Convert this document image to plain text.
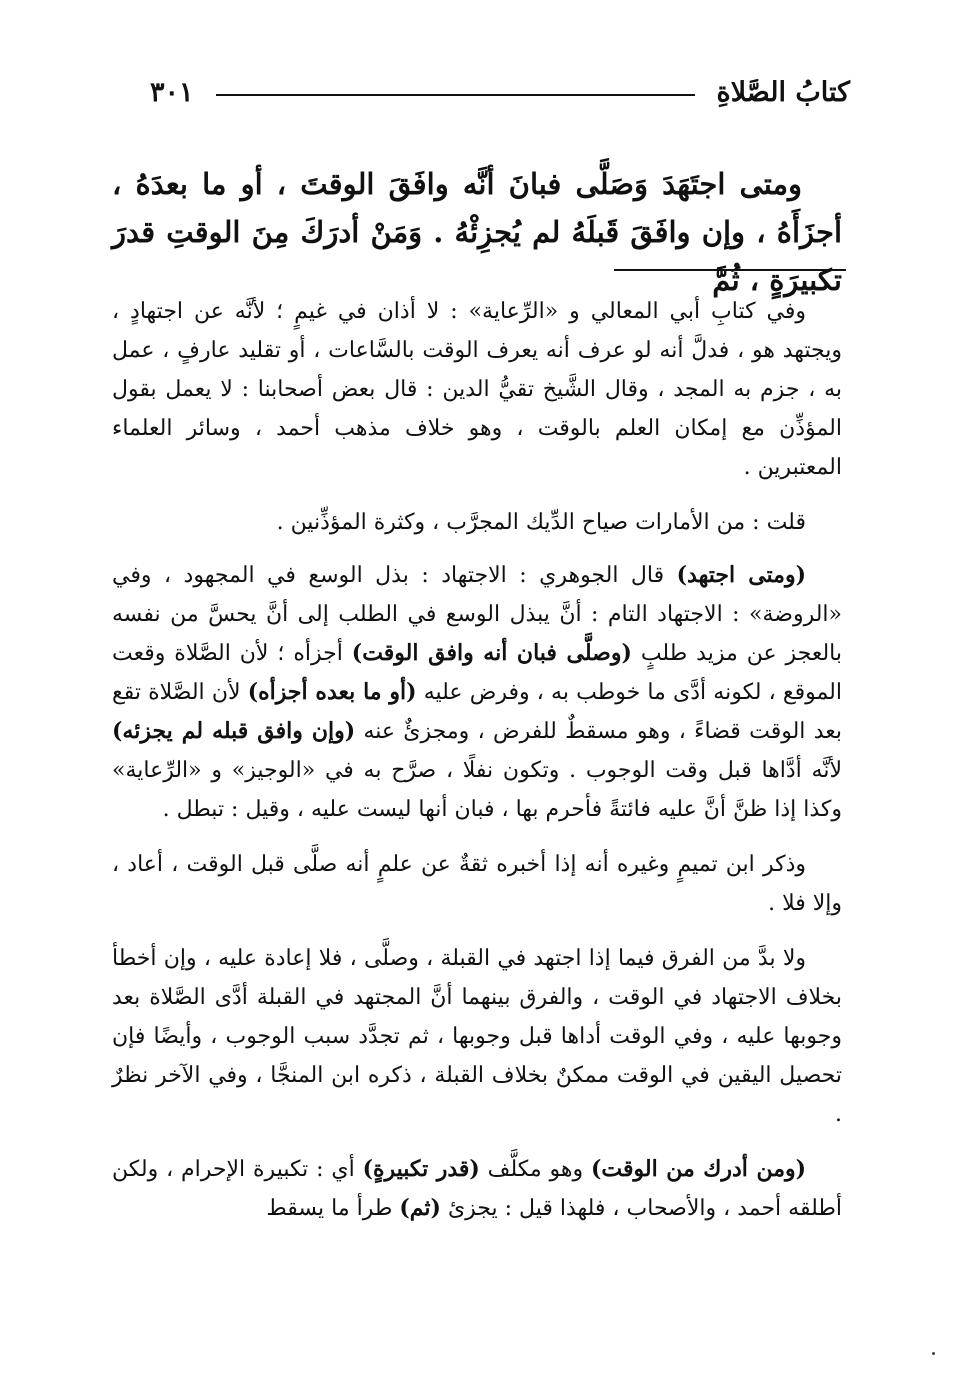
كتابُ الصَّلاةِ
٣٠١
ومتى اجتَهَدَ وَصَلَّى فبانَ أنَّه وافَقَ الوقتَ ، أو ما بعدَهُ ، أجزَأَهُ ، وإن وافَقَ قَبلَهُ لم يُجزِئْهُ . وَمَنْ أدرَكَ مِنَ الوقتِ قدرَ تكبيرَةٍ ، ثُمَّ

وفي كتابِ أبي المعالي و «الرِّعاية» : لا أذان في غيمٍ ؛ لأنَّه عن اجتهادٍ ، ويجتهد هو ، فدلَّ أنه لو عرف أنه يعرف الوقت بالسَّاعات ، أو تقليد عارفٍ ، عمل به ، جزم به المجد ، وقال الشَّيخ تقيُّ الدين : قال بعض أصحابنا : لا يعمل بقول المؤذِّن مع إمكان العلم بالوقت ، وهو خلاف مذهب أحمد ، وسائر العلماء المعتبرين .

قلت : من الأمارات صياح الدِّيك المجرَّب ، وكثرة المؤذِّنين .

(ومتى اجتهد) قال الجوهري : الاجتهاد : بذل الوسع في المجهود ، وفي «الروضة» : الاجتهاد التام : أنَّ يبذل الوسع في الطلب إلى أنَّ يحسَّ من نفسه بالعجز عن مزيد طلبٍ (وصلَّى فبان أنه وافق الوقت) أجزأه ؛ لأن الصَّلاة وقعت الموقع ، لكونه أدَّى ما خوطب به ، وفرض عليه (أو ما بعده أجزأه) لأن الصَّلاة تقع بعد الوقت قضاءً ، وهو مسقطٌ للفرض ، ومجزئٌ عنه (وإن وافق قبله لم يجزئه) لأنَّه أدَّاها قبل وقت الوجوب . وتكون نفلًا ، صرَّح به في «الوجيز» و «الرِّعاية» وكذا إذا ظنَّ أنَّ عليه فائتةً فأحرم بها ، فبان أنها ليست عليه ، وقيل : تبطل .

وذكر ابن تميمٍ وغيره أنه إذا أخبره ثقةٌ عن علمٍ أنه صلَّى قبل الوقت ، أعاد ، وإلا فلا .

ولا بدَّ من الفرق فيما إذا اجتهد في القبلة ، وصلَّى ، فلا إعادة عليه ، وإن أخطأ بخلاف الاجتهاد في الوقت ، والفرق بينهما أنَّ المجتهد في القبلة أدَّى الصَّلاة بعد وجوبها عليه ، وفي الوقت أداها قبل وجوبها ، ثم تجدَّد سبب الوجوب ، وأيضًا فإن تحصيل اليقين في الوقت ممكنٌ بخلاف القبلة ، ذكره ابن المنجَّا ، وفي الآخر نظرٌ .

(ومن أدرك من الوقت) وهو مكلَّف (قدر تكبيرةٍ) أي : تكبيرة الإحرام ، ولكن أطلقه أحمد ، والأصحاب ، فلهذا قيل : يجزئ (ثم) طرأ ما يسقط
